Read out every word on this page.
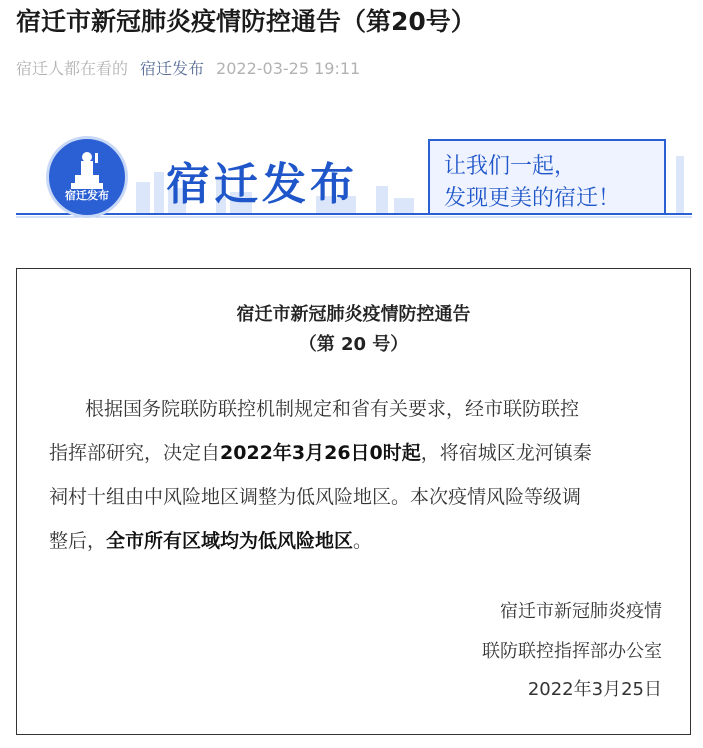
宿迁市新冠肺炎疫情防控通告（第20号）
宿迁人都在看的 宿迁发布 2022-03-25 19:11
宿迁发布	宿迁发布	让我们一起，
发现更美的宿迁！
宿迁市新冠肺炎疫情防控通告
（第 20 号）
根据国务院联防联控机制规定和省有关要求，经市联防联控
指挥部研究，决定自2022年3月26日0时起，将宿城区龙河镇秦
祠村十组由中风险地区调整为低风险地区。本次疫情风险等级调
整后，全市所有区域均为低风险地区。
宿迁市新冠肺炎疫情
联防联控指挥部办公室
2022年3月25日
